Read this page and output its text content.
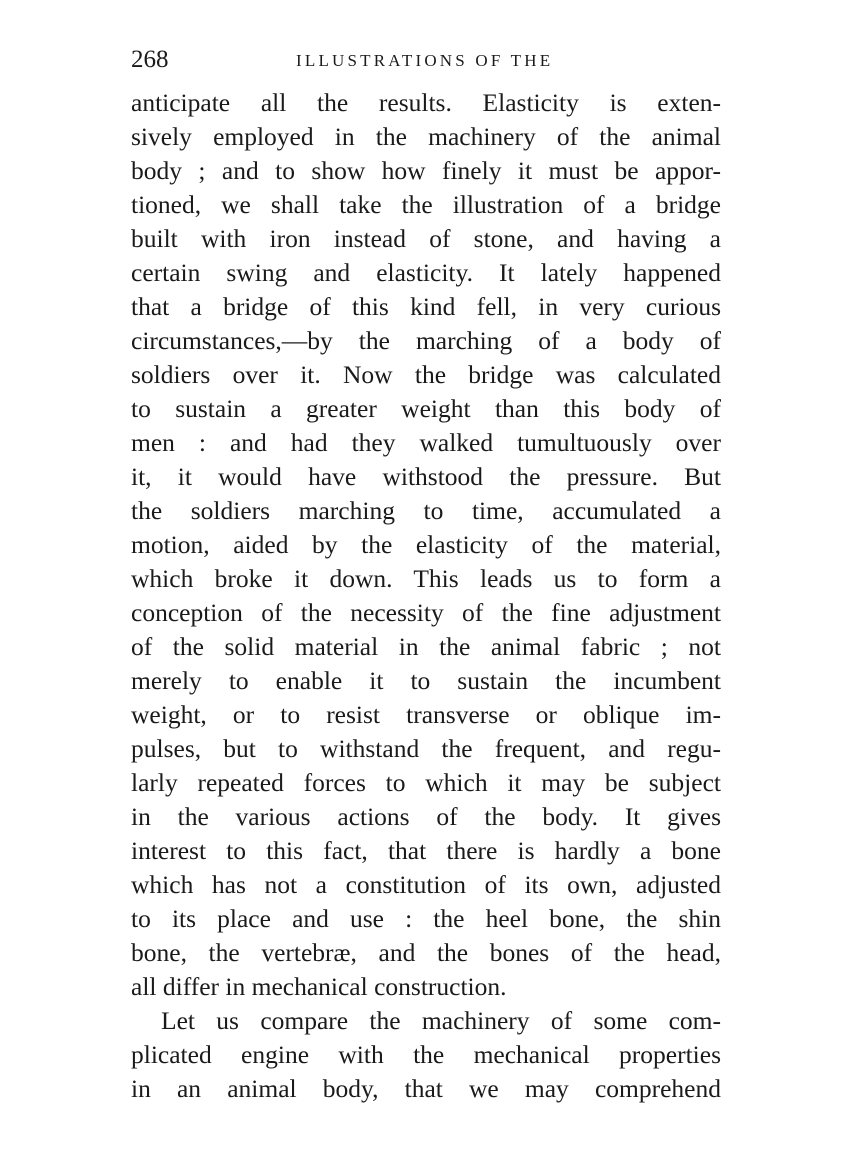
268	ILLUSTRATIONS OF THE
anticipate all the results. Elasticity is exten-
sively employed in the machinery of the animal
body ; and to show how finely it must be appor-
tioned, we shall take the illustration of a bridge
built with iron instead of stone, and having a
certain swing and elasticity. It lately happened
that a bridge of this kind fell, in very curious
circumstances,—by the marching of a body of
soldiers over it. Now the bridge was calculated
to sustain a greater weight than this body of
men : and had they walked tumultuously over
it, it would have withstood the pressure. But
the soldiers marching to time, accumulated a
motion, aided by the elasticity of the material,
which broke it down. This leads us to form a
conception of the necessity of the fine adjustment
of the solid material in the animal fabric ; not
merely to enable it to sustain the incumbent
weight, or to resist transverse or oblique im-
pulses, but to withstand the frequent, and regu-
larly repeated forces to which it may be subject
in the various actions of the body. It gives
interest to this fact, that there is hardly a bone
which has not a constitution of its own, adjusted
to its place and use : the heel bone, the shin
bone, the vertebræ, and the bones of the head,
all differ in mechanical construction.
Let us compare the machinery of some com-
plicated engine with the mechanical properties
in an animal body, that we may comprehend
